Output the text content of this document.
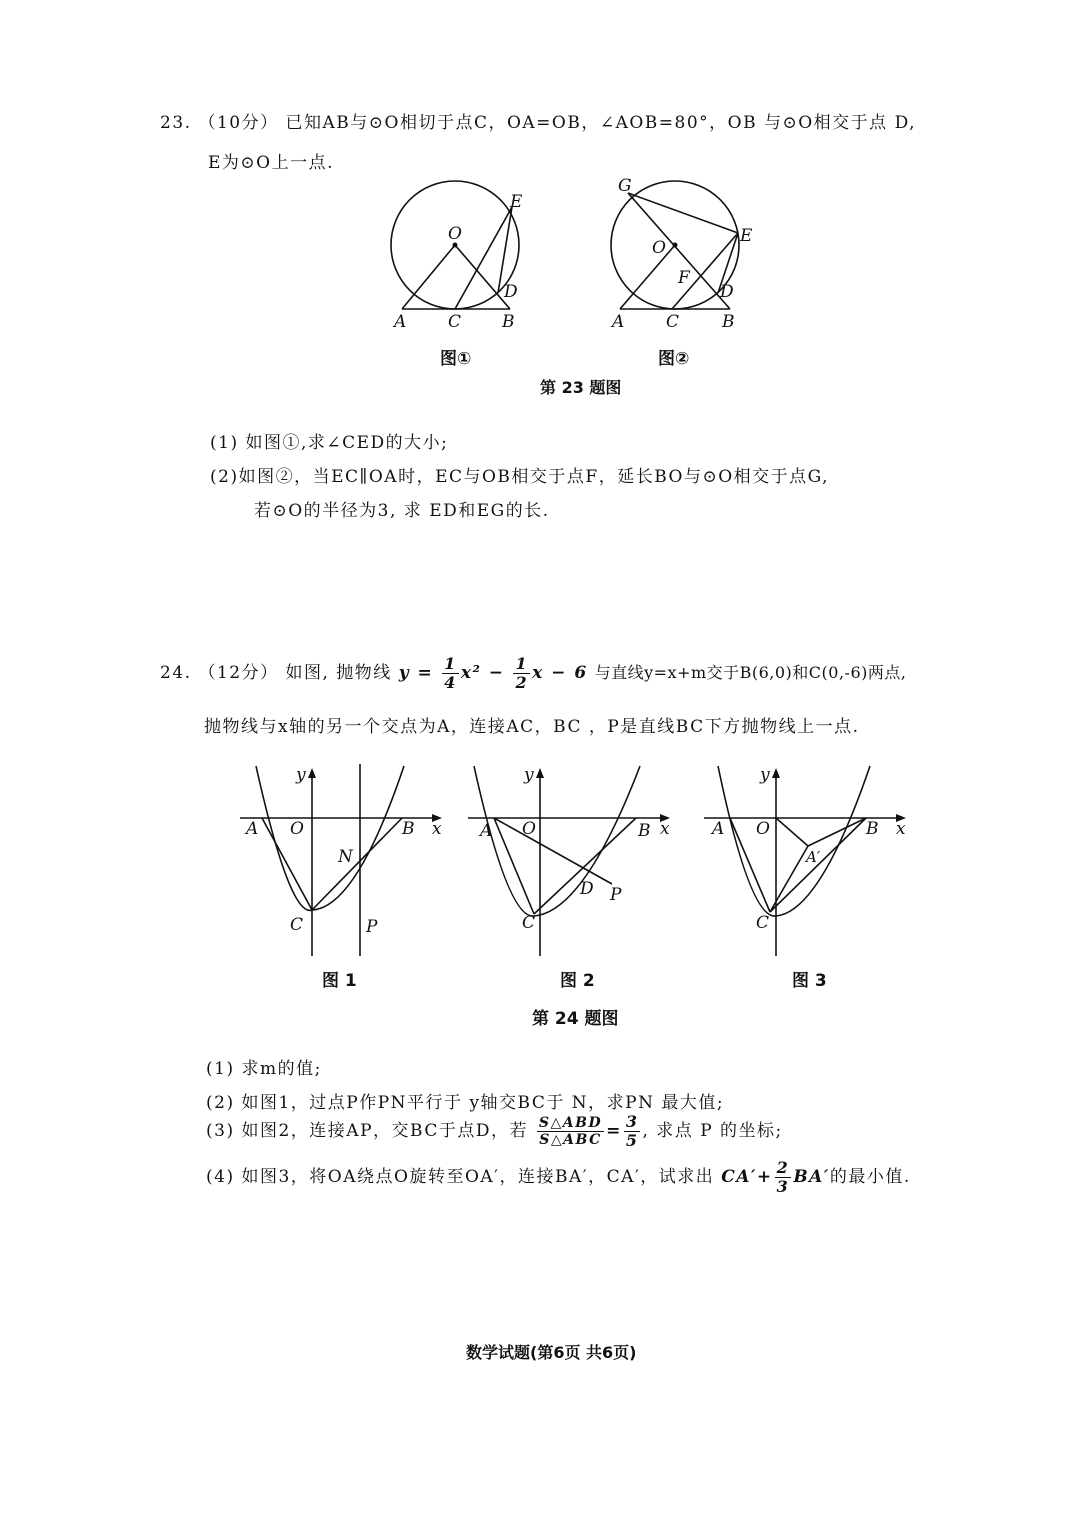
23. （10分） 已知AB与⊙O相切于点C，OA=OB，∠AOB=80°，OB 与⊙O相交于点 D,
E为⊙O上一点.
O
E
D
A C B
G
O
E
F
D
A C	B
图①	图②
第 23 题图
(1) 如图①,求∠CED的大小;
(2)如图②，当EC∥OA时，EC与OB相交于点F，延长BO与⊙O相交于点G,
若⊙O的半径为3, 求 ED和EG的长.
24. （12分） 如图, 抛物线 $y = \frac{1}{4} x^2 - \frac{1}{2}$ x − 6 与直线y=x+m交于B(6,0)和C(0,-6)两点,
抛物线与x轴的另一个交点为A，连接AC，BC ，P是直线BC下方抛物线上一点.
x
y
A O	B
N
C	P
x
y
A O	B
D P
C
x
y
A O	B
A′
C
图 1	图 2	图 3
第 24 题图
(1) 求m的值;
(2) 如图1，过点P作PN平行于 y轴交BC于 N，求PN 最大值;
(3) 如图2，连接AP，交BC于点D，若 $\frac{\text{S△ABD}}{\text{S△ABC}} = \frac{3}{5}$ , 求点 P 的坐标;
(4) 如图3，将OA绕点O旋转至OA′，连接BA′，CA′，试求出 $CA'+ \frac{2}{3} BA'$的最小值.
数学试题(第6页 共6页)
